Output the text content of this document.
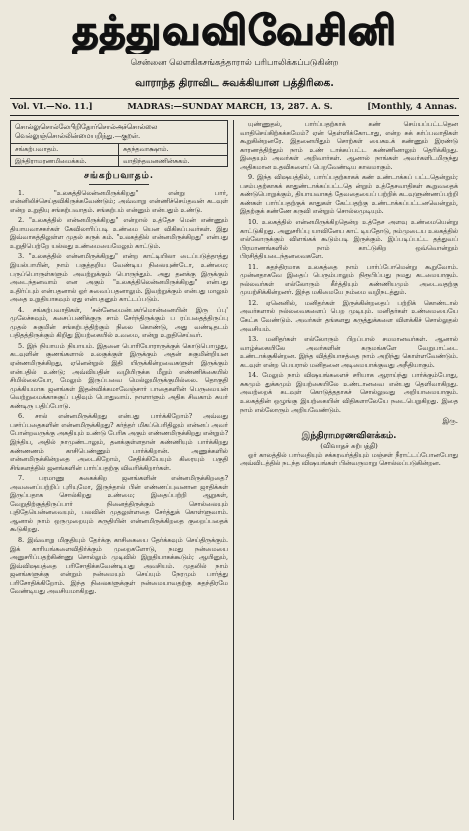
தத்துவவிவேசினி
சென்னை லௌகிகசங்கத்தாரால் பரிபாலிக்கப்படுகின்ற
வாராந்த திராவிட சுவக்கியான பத்திரிகை.
Vol. VI.—No. 11.]	MADRAS:—SUNDAY MARCH, 13, 287. A. S.	[Monthly, 4 Annas.
சொல்லுசொல்லேபிறிதோர்சொல்அச்சொல்லை வெல்லுஞ்சொல்லின்மையறிந்து.—குறள்.
சங்கற்பவாதம்.	சுதந்தவாக்ஷாம்.
இந்திராமரணமிமைக்கம்.	வாதிந்தவனணின்சுகம்.
சங்கற்பவாதம்.

1. "உலகத்திலென்னமிருக்கிறது" என்று பார், என்னிலிச்செய்தவிகிருக்கவேண்டும்; அவ்வாறு என்ணிச்செய்தவன் கடவுள் என்ற உறுதியு சங்கற்பவாதம். சங்கற்பம் என்னும் என்பதும் உண்டு.

2. "உலகத்தில் என்னமிருக்கிறது" என்றால் உத்தேச மென் எண்ணும் தியாயவாசகர்கள் கேவிலாரிப்படி உண்மை யென விகிகப்பவர்கள். இது இவ்வாகத்திலுள்ள முதல் கருக் கம். "உலகத்தில் என்னமிருக்கிறது" என்பது உறுதிபெற்றே யல்லது உண்மையைமேலும் காட்டும்.

3. "உலகத்தில் என்னமிருக்கிறது" என்ற காட்டியிலா டைப்படுத்தாத்து இயல்பாயின், நாம் பகுத்தறிய வேண்டிய நிலையுண்டோ, உண்மை; பருப்பொருள்களும் அவற்றுக்கும் பொருந்தும். அது தனக்கு இருக்கும் அடைந்தனவாம் என அகும் "உலகத்திலென்னமிருக்கிறது" என்பது உதிர்ப்பும் என்பதனால் ஓர் சுவைப்பதனாலும். இவற்றுக்கும் என்பது மாலும் அதை உறுதியாகவும் ஏது என்பதனும் காட்டப்படும்.

4. சங்கற்பவாதிகள், 'சன்னேமைன்பகர்மொன்னையின் இரு ப்பு' முலேச்சுவும், கசைப்பணிக்குரு சாம் சேர்ந்திருக்கும் ப ரப்பதைத்திருப்பு முதல் சுகுமின் சங்கற்பத்திற்கும் நிலை கொண்டு, அது வண்டிதடம் பதிதத்திருக்கும் கிறிது இயற்கையில் உவமை, என்று உறுதிசெய்வர்.

5. இந் நியாயம் நியாயம். இதனை பொரியோராருக்குக் கொடுபொழுது, கடவுளின் குணங்களால் உலகுக்குள் இருக்கும் அதன் சுகுமின்றியன ஏன்ணமிருக்கிறது, ஏனென்றுல் இதி யிருக்கின்றவைகளுள் இருக்கும் என்பதில் உண்டு; அவ்வியதின் வழியிருக்க மீறும் எண்ணிக்கையில் சிமில்லையோ, மேலும் இருப்பவை மெல்லுமிருக்குமில்லை. தொகுதி முக்கியமாக ஜனங்கள் இதன்விக்கமாவேஞ்சார் பாதைகளின் பெருமையன் வெற்றுமைக்காசுகுப் பதிவும் பொதுவாய். நாளாளும் அதிக சிவகாம் சுயர் கண்டிரு பதிப்போடு.

6. சால் என்னமிருக்கிறது என்பது பார்க்கிறோம்? அவ்வது பசர்ப்பதைகளின் என்னமிருக்கிறது? கர்த்தர் மிகப்பெரிதிலும் என்னப் அவர் போன்றவருக்கு அசுதியும் உண்டு பேரிசு அகும் எண்ணமிருக்கிறது என்றும்? இந்திய, அதில் நாமுண்டாலும், தனக்குள்ளதான் கண்ணியும் பார்க்கிறது கண்ணணம் காசிபெண்ணும் பார்க்கிறான். அணுக்களில் என்னமிருக்கின்றதை அடைகிறோம், சேதிக்கியேயும் கிரையும் பகுதி சிங்களத்தில் ஜனங்களின் பார்ப்பதற்கு விவரிக்கிறார்கள்.

7. பரமாணு சுகைக்கிற ஜனங்களின் என்னமிருக்கிறதை? அவனைப்பற்றிப் புரியுமோ, இருந்தால் பின் எண்ணப்புவனான ஜாதிக்கள் இருப்பதாக சொல்கிறது உண்மை; இதைப்பற்றி ஆறுகள், வேறுதிற்குத்திருப்பார் நினைத்திருக்கும் சொல்லையும் புதிதேயென்னவையும், பலவின் முதலுள்ளதை சேர்த்துக் கொள்ளுவாம். ஆனால் நாம் ஒருமுறையும் சுருதியின் என்னமிருக்கிறதை குறைப்பதைக் கூடுகிறது.

8. இவ்வாறு மிகுதியும் தேர்க்கு காசிகையை தேர்க்கவும் செய்திருக்கும். இக் காரியங்களைவிதிர்க்கும் முறைகளோடு, நமது நன்மையை அனுசரிப்பதற்கிண்ணு சொல்லும் முடிவில் இறுதியாகக்கூடும்; ஆயினும், இவ்விஷயத்தை பரிசோதிக்கவேண்டியது அவசியம். முதலில் நாம் ஜனங்களுக்கு என்றும் நன்மையும் செய்யும் நேரமும் பார்த்து பரிசோதிக்கிறோம். இந்த நிலைகளுக்குள் நன்மையாவதற்கு சுதந்திரமே வேண்டியது அவசியமாகிறது.

யுண்ணுதல், பார்ப்பதற்காக் கண் செய்யப்பட்டதென வாதிசெய்கிற்கக்கமேம்? ஏன் தெள்ளிக்கோடாது, என்ற சுக் கர்ப்பவாதிகள் கூறுகின்றனரே. இதனையிதும் சொற்கள் யைசுஉக் கண்ணும் இரண்டு காரணத்திற்தும் நாம் உண் டாக்கப்பட்ட கண்ணினாலும் தெரிக்கிறது. இதையும் அவர்கள் அறிவார்கள். ஆனால் நாங்கள் அவர்களிடமிருந்து அதிகமான உதவிகளைப் பெறவேண்டிய காலமாகும்.

9. இந்த விஷயத்தில், பார்ப்பதற்காகக் கண் உண்டாக்கப் பட்டதென்றும்; பசம்பதற்காகக் காதுண்டாக்கப்பட்டதெ ன்றும் உத்தேசவாதிகள் கூறுவதைக் கண்டுபொறுக்கும், தியாயவாகத் தேவதையைப் பற்றிக் கடவுளுண்ணப்பற்றி கண்கள் பார்ப்பதற்குக் காதுகள் கேட்பதற்கு உண்டாக்கப்பட்டனவென்றும், இதற்குக் கண்ணே கருவி என்றும் சொல்லமுடியும்.

10. உலகத்தில் என்னமிருக்கிறதென்ற உத்தேச அளவு உண்மையென்று காட்டுகிறது. அனுசரிப்பு யாவினேய காட் டியதோடு, நம்முடைய உலகத்தில் எல்லோருக்கும் விளங்கக் கூடும்படி இருக்கும். இப்படிப்பட்ட தத்துவப் பிரமாணங்களில் நாம் காட்டுகிற ஒவ்வொன்றும் பிரசித்தியடைந்தனவைகளே.

11. சுதந்திரமாக உலகத்தை நாம் பார்ப்போமென்று கூறுவோம். முன்னதாகவே இதைப் பெரும்பாலும் நிரூபிப்பது நமது கடமையாகும். நல்லவர்கள் எல்லோரும் கீர்த்தியும் கண்ணியமும் அடைவதற்கு முயற்சிக்கின்றனர். இந்த மகிமையே நம்மை வழிநடத்தும்.

12. ஏனெனில், மனிதர்கள் இருக்கின்றதைப் பற்றிக் கொண்டால் அவர்களால் நல்லவைகளைப் பெற முடியும். மனிதர்கள் உண்மையையே கேட்க வேண்டும். அவர்கள் தங்களது கருத்துக்களை விளக்கிச் சொல்லுதல் அவசியம்.

13. மனிதர்கள் எல்லோரும் பிறப்பால் சமமானவர்கள். ஆனால் வாழ்க்கையிலே அவர்களின் கருமங்களே வேறுபாட்டை உண்டாக்குகின்றன. இந்த வித்தியாசத்தை நாம் அறிந்து கொள்ளவேண்டும். கடவுள் என்ற பெயரால் மனிதனை அடிமையாக்குவது அநீதியாகும்.

14. மேலும் நாம் விஷயங்களைச் சரியாக ஆராய்ந்து பார்க்கும்போது, சுகமும் துக்கமும் இயற்கையிலே உண்டானவை என்பது தெளிவாகிறது. அவற்றைக் கடவுள் கொடுத்ததாகச் சொல்லுவது அறியாமையாகும். உலகத்தின் ஒழுங்கு இயற்கையின் விதிகளாலேயே நடைபெறுகிறது. இதை நாம் எல்லோரும் அறியவேண்டும்.

இரு.
இந்திராமரணவிளக்கம்.
(விவாதச் சுற்பத்தி)

ஓர் காலத்தில் பார்வதியும் சக்கரவர்த்தியும் மஞ்சள் நீராட்டப்போனபோது அவ்விடத்தில் நடந்த விஷயங்கள் பின்வருமாறு சொல்லப்படுகின்றன.
